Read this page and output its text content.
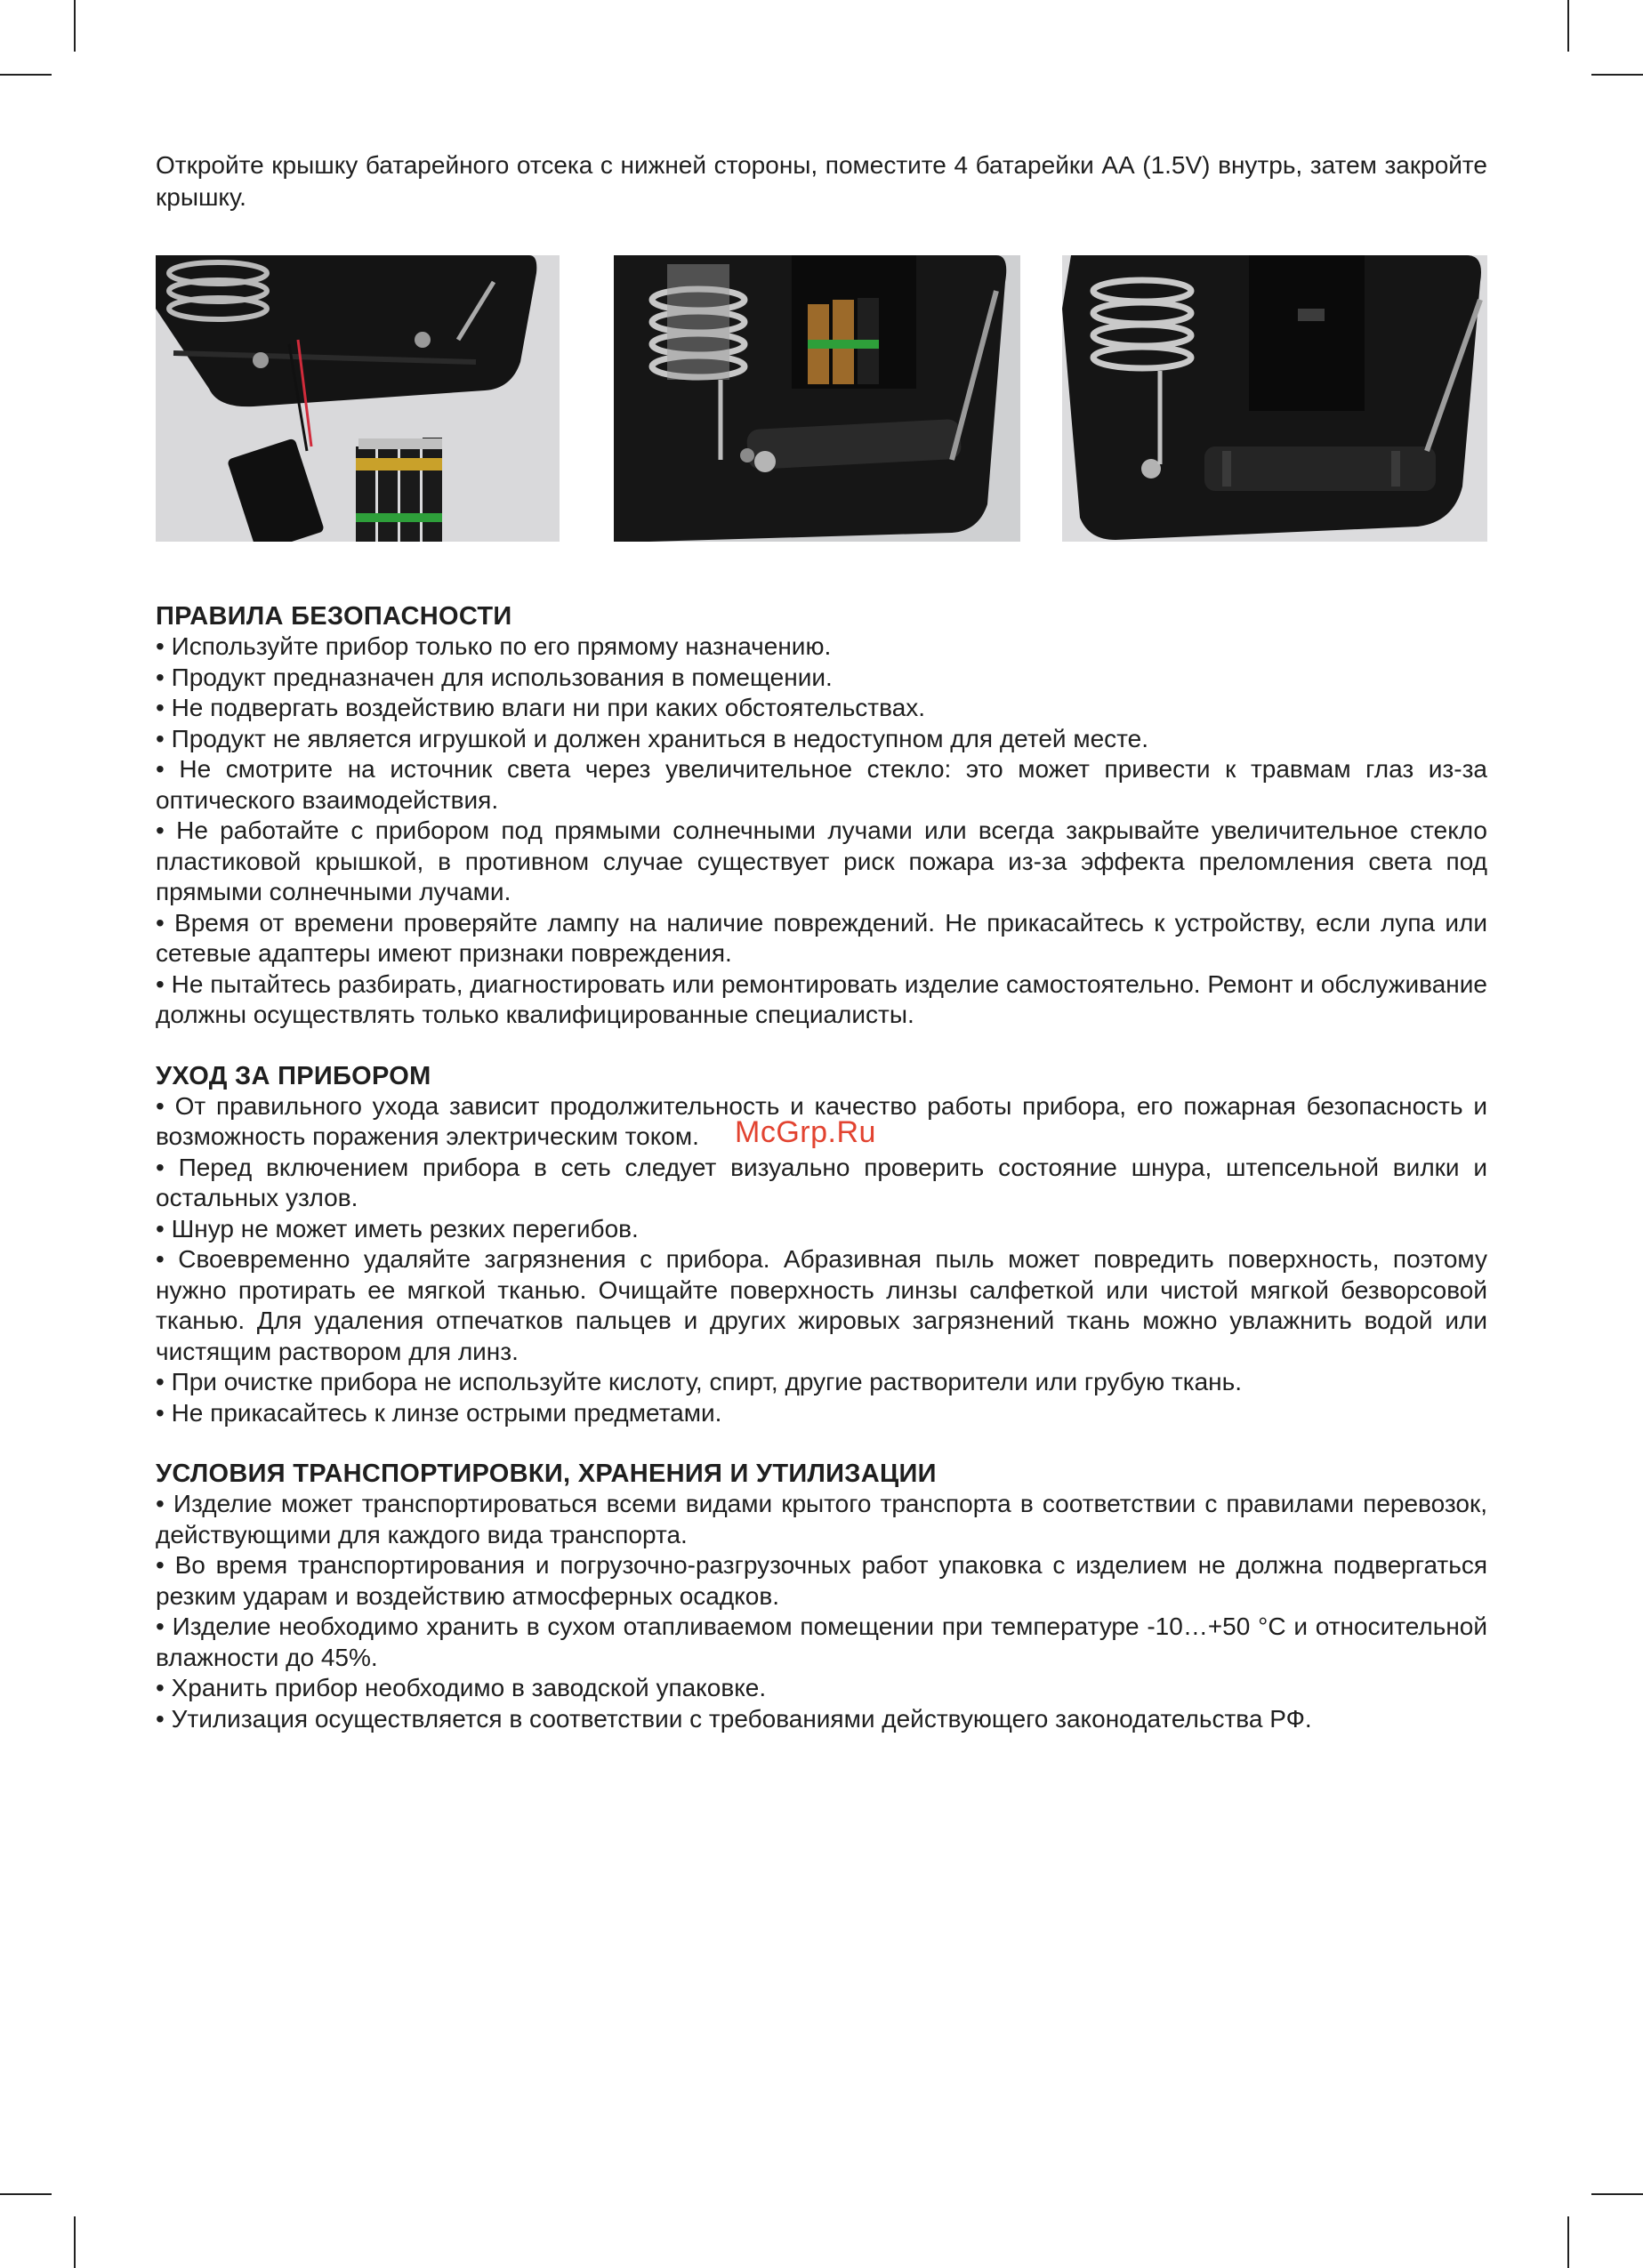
Откройте крышку батарейного отсека с нижней стороны, поместите 4 батарейки АА (1.5V) внутрь, затем закройте крышку.

ПРАВИЛА БЕЗОПАСНОСТИ

• Используйте прибор только по его прямому назначению.

• Продукт предназначен для использования в помещении.

• Не подвергать воздействию влаги ни при каких обстоятельствах.

• Продукт не является игрушкой и должен храниться в недоступном для детей месте.

• Не смотрите на источник света через увеличительное стекло: это может привести к травмам глаз из-за оптического взаимодействия.

• Не работайте с прибором под прямыми солнечными лучами или всегда закрывайте увеличительное стекло пластиковой крышкой, в противном случае существует риск пожара из-за эффекта преломления света под прямыми солнечными лучами.

• Время от времени проверяйте лампу на наличие повреждений. Не прикасайтесь к устройству, если лупа или сетевые адаптеры имеют признаки повреждения.

• Не пытайтесь разбирать, диагностировать или ремонтировать изделие самостоятельно. Ремонт и обслуживание должны осуществлять только квалифицированные специалисты.

УХОД ЗА ПРИБОРОМ

• От правильного ухода зависит продолжительность и качество работы прибора, его пожарная безопасность и возможность поражения электрическим током.

• Перед включением прибора в сеть следует визуально проверить состояние шнура, штепсельной вилки и остальных узлов.

• Шнур не может иметь резких перегибов.

• Своевременно удаляйте загрязнения с прибора. Абразивная пыль может повредить поверхность, поэтому нужно протирать ее мягкой тканью. Очищайте поверхность линзы салфеткой или чистой мягкой безворсовой тканью. Для удаления отпечатков пальцев и других жировых загрязнений ткань можно увлажнить водой или чистящим раствором для линз.

• При очистке прибора не используйте кислоту, спирт, другие растворители или грубую ткань.

• Не прикасайтесь к линзе острыми предметами.

УСЛОВИЯ ТРАНСПОРТИРОВКИ, ХРАНЕНИЯ И УТИЛИЗАЦИИ

• Изделие может транспортироваться всеми видами крытого транспорта в соответствии с правилами перевозок, действующими для каждого вида транспорта.

• Во время транспортирования и погрузочно-разгрузочных работ упаковка с изделием не должна подвергаться резким ударам и воздействию атмосферных осадков.

• Изделие необходимо хранить в сухом отапливаемом помещении при температуре -10…+50 °С и относительной влажности до 45%.

• Хранить прибор необходимо в заводской упаковке.

• Утилизация осуществляется в соответствии с требованиями действующего законодательства РФ.

McGrp.Ru
